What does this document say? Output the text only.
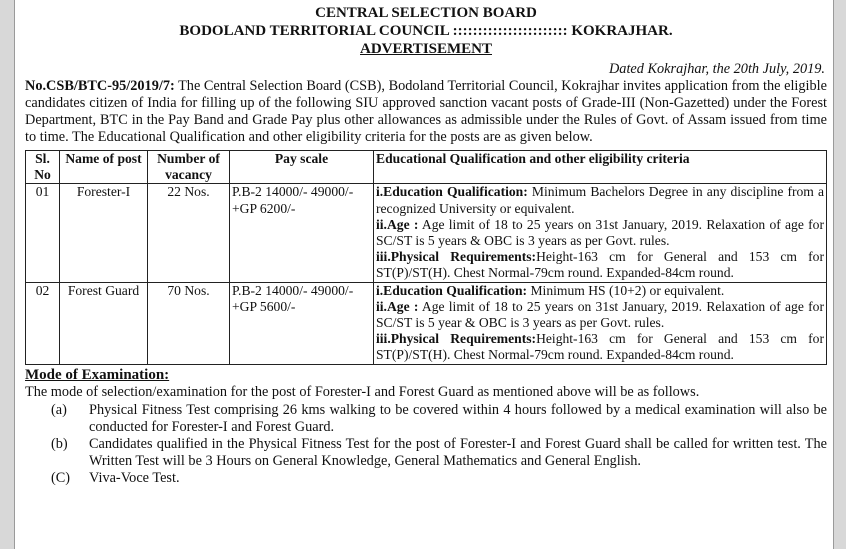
CENTRAL SELECTION BOARD
BODOLAND TERRITORIAL COUNCIL ::::::::::::::::::::::: KOKRAJHAR.
ADVERTISEMENT
Dated Kokrajhar, the 20th July, 2019.
No.CSB/BTC-95/2019/7: The Central Selection Board (CSB), Bodoland Territorial Council, Kokrajhar invites application from the eligible candidates citizen of India for filling up of the following SIU approved sanction vacant posts of Grade-III (Non-Gazetted) under the Forest Department, BTC in the Pay Band and Grade Pay plus other allowances as admissible under the Rules of Govt. of Assam issued from time to time. The Educational Qualification and other eligibility criteria for the posts are as given below.
Sl. No	Name of post	Number of vacancy	Pay scale	Educational Qualification and other eligibility criteria
01	Forester-I	22 Nos.	P.B-2 14000/- 49000/- +GP 6200/-	i.Education Qualification: Minimum Bachelors Degree in any discipline from a recognized University or equivalent.
ii.Age : Age limit of 18 to 25 years on 31st January, 2019. Relaxation of age for SC/ST is 5 years & OBC is 3 years as per Govt. rules.
iii.Physical Requirements:Height-163 cm for General and 153 cm for ST(P)/ST(H). Chest Normal-79cm round. Expanded-84cm round.

02	Forest Guard	70 Nos.	P.B-2 14000/- 49000/- +GP 5600/-	i.Education Qualification: Minimum HS (10+2) or equivalent.
ii.Age : Age limit of 18 to 25 years on 31st January, 2019. Relaxation of age for SC/ST is 5 year & OBC is 3 years as per Govt. rules.
iii.Physical Requirements:Height-163 cm for General and 153 cm for ST(P)/ST(H). Chest Normal-79cm round. Expanded-84cm round.
Mode of Examination:
The mode of selection/examination for the post of Forester-I and Forest Guard as mentioned above will be as follows.
(a)	Physical Fitness Test comprising 26 kms walking to be covered within 4 hours followed by a medical examination will also be conducted for Forester-I and Forest Guard.
(b)	Candidates qualified in the Physical Fitness Test for the post of Forester-I and Forest Guard shall be called for written test. The Written Test will be 3 Hours on General Knowledge, General Mathematics and General English.
(C)	Viva-Voce Test.
